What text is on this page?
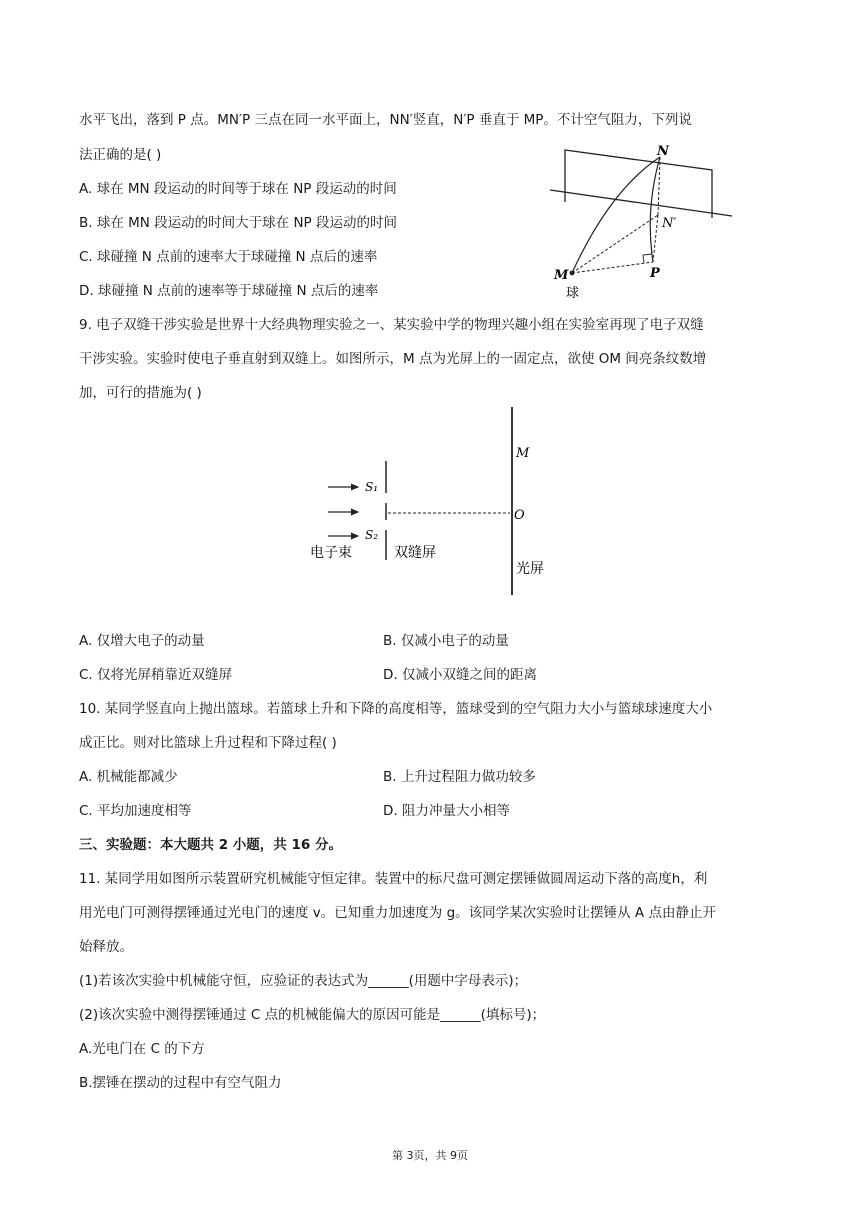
水平飞出，落到 P 点。MN′P 三点在同一水平面上，NN′竖直，N′P 垂直于 MP。不计空气阻力，下列说
法正确的是( )
A. 球在 MN 段运动的时间等于球在 NP 段运动的时间
B. 球在 MN 段运动的时间大于球在 NP 段运动的时间
C. 球碰撞 N 点前的速率大于球碰撞 N 点后的速率
D. 球碰撞 N 点前的速率等于球碰撞 N 点后的速率
N
N′
M	P
球
9. 电子双缝干涉实验是世界十大经典物理实验之一、某实验中学的物理兴趣小组在实验室再现了电子双缝
干涉实验。实验时使电子垂直射到双缝上。如图所示，M 点为光屏上的一固定点，欲使 OM 间亮条纹数增
加，可行的措施为( )
M
O
S₁
S₂
电子束	双缝屏
光屏
A. 仅增大电子的动量	B. 仅减小电子的动量
C. 仅将光屏稍靠近双缝屏	D. 仅减小双缝之间的距离
10. 某同学竖直向上抛出篮球。若篮球上升和下降的高度相等，篮球受到的空气阻力大小与篮球球速度大小
成正比。则对比篮球上升过程和下降过程( )
A. 机械能都减少	B. 上升过程阻力做功较多
C. 平均加速度相等	D. 阻力冲量大小相等
三、实验题：本大题共 2 小题，共 16 分。
11. 某同学用如图所示装置研究机械能守恒定律。装置中的标尺盘可测定摆锤做圆周运动下落的高度h，利
用光电门可测得摆锤通过光电门的速度 v。已知重力加速度为 g。该同学某次实验时让摆锤从 A 点由静止开
始释放。
(1)若该次实验中机械能守恒，应验证的表达式为______(用题中字母表示)；
(2)该次实验中测得摆锤通过 C 点的机械能偏大的原因可能是______(填标号)；
A.光电门在 C 的下方
B.摆锤在摆动的过程中有空气阻力
第 3页，共 9页
